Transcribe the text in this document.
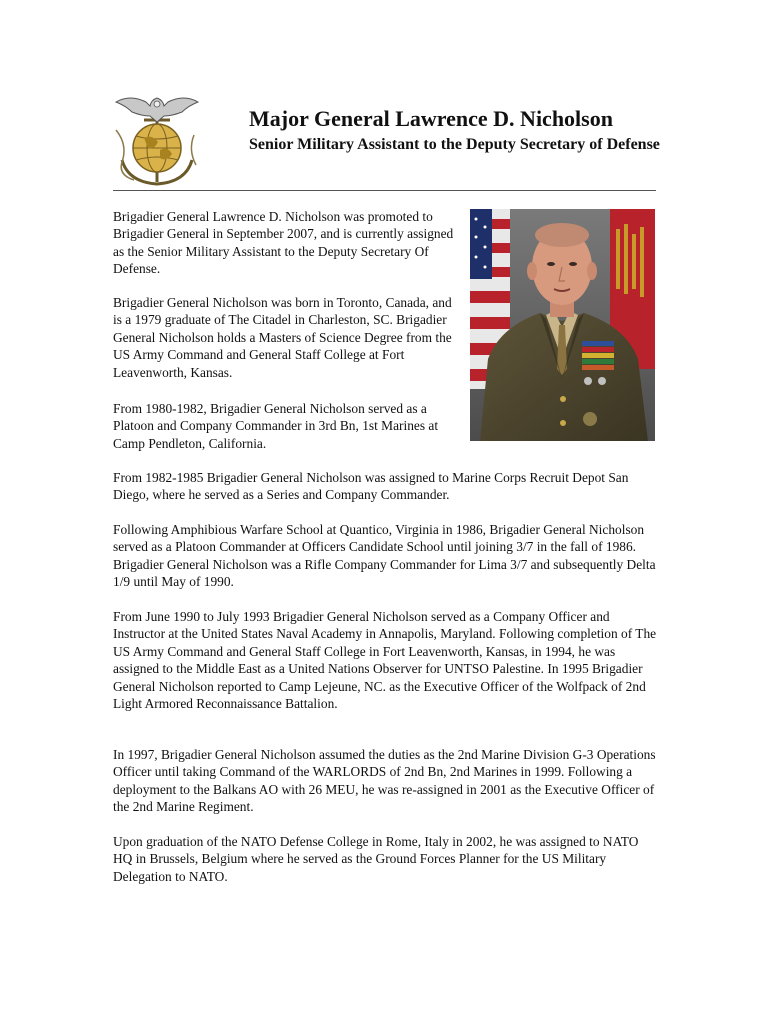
Major General Lawrence D. Nicholson
Senior Military Assistant to the Deputy Secretary of Defense

Brigadier General Lawrence D. Nicholson was promoted to Brigadier General in September 2007, and is currently assigned as the Senior Military Assistant to the Deputy Secretary Of Defense.

Brigadier General Nicholson was born in Toronto, Canada, and is a 1979 graduate of The Citadel in Charleston, SC. Brigadier General Nicholson holds a Masters of Science Degree from the US Army Command and General Staff College at Fort Leavenworth, Kansas.

From 1980-1982, Brigadier General Nicholson served as a Platoon and Company Commander in 3rd Bn, 1st Marines at Camp Pendleton, California.

From 1982-1985 Brigadier General Nicholson was assigned to Marine Corps Recruit Depot San Diego, where he served as a Series and Company Commander.

Following Amphibious Warfare School at Quantico, Virginia in 1986, Brigadier General Nicholson served as a Platoon Commander at Officers Candidate School until joining 3/7 in the fall of 1986. Brigadier General Nicholson was a Rifle Company Commander for Lima 3/7 and subsequently Delta 1/9 until May of 1990.

From June 1990 to July 1993 Brigadier General Nicholson served as a Company Officer and Instructor at the United States Naval Academy in Annapolis, Maryland. Following completion of The US Army Command and General Staff College in Fort Leavenworth, Kansas, in 1994, he was assigned to the Middle East as a United Nations Observer for UNTSO Palestine. In 1995 Brigadier General Nicholson reported to Camp Lejeune, NC. as the Executive Officer of the Wolfpack of 2nd Light Armored Reconnaissance Battalion.

In 1997, Brigadier General Nicholson assumed the duties as the 2nd Marine Division G-3 Operations Officer until taking Command of the WARLORDS of 2nd Bn, 2nd Marines in 1999. Following a deployment to the Balkans AO with 26 MEU, he was re-assigned in 2001 as the Executive Officer of the 2nd Marine Regiment.

Upon graduation of the NATO Defense College in Rome, Italy in 2002, he was assigned to NATO HQ in Brussels, Belgium where he served as the Ground Forces Planner for the US Military Delegation to NATO.
